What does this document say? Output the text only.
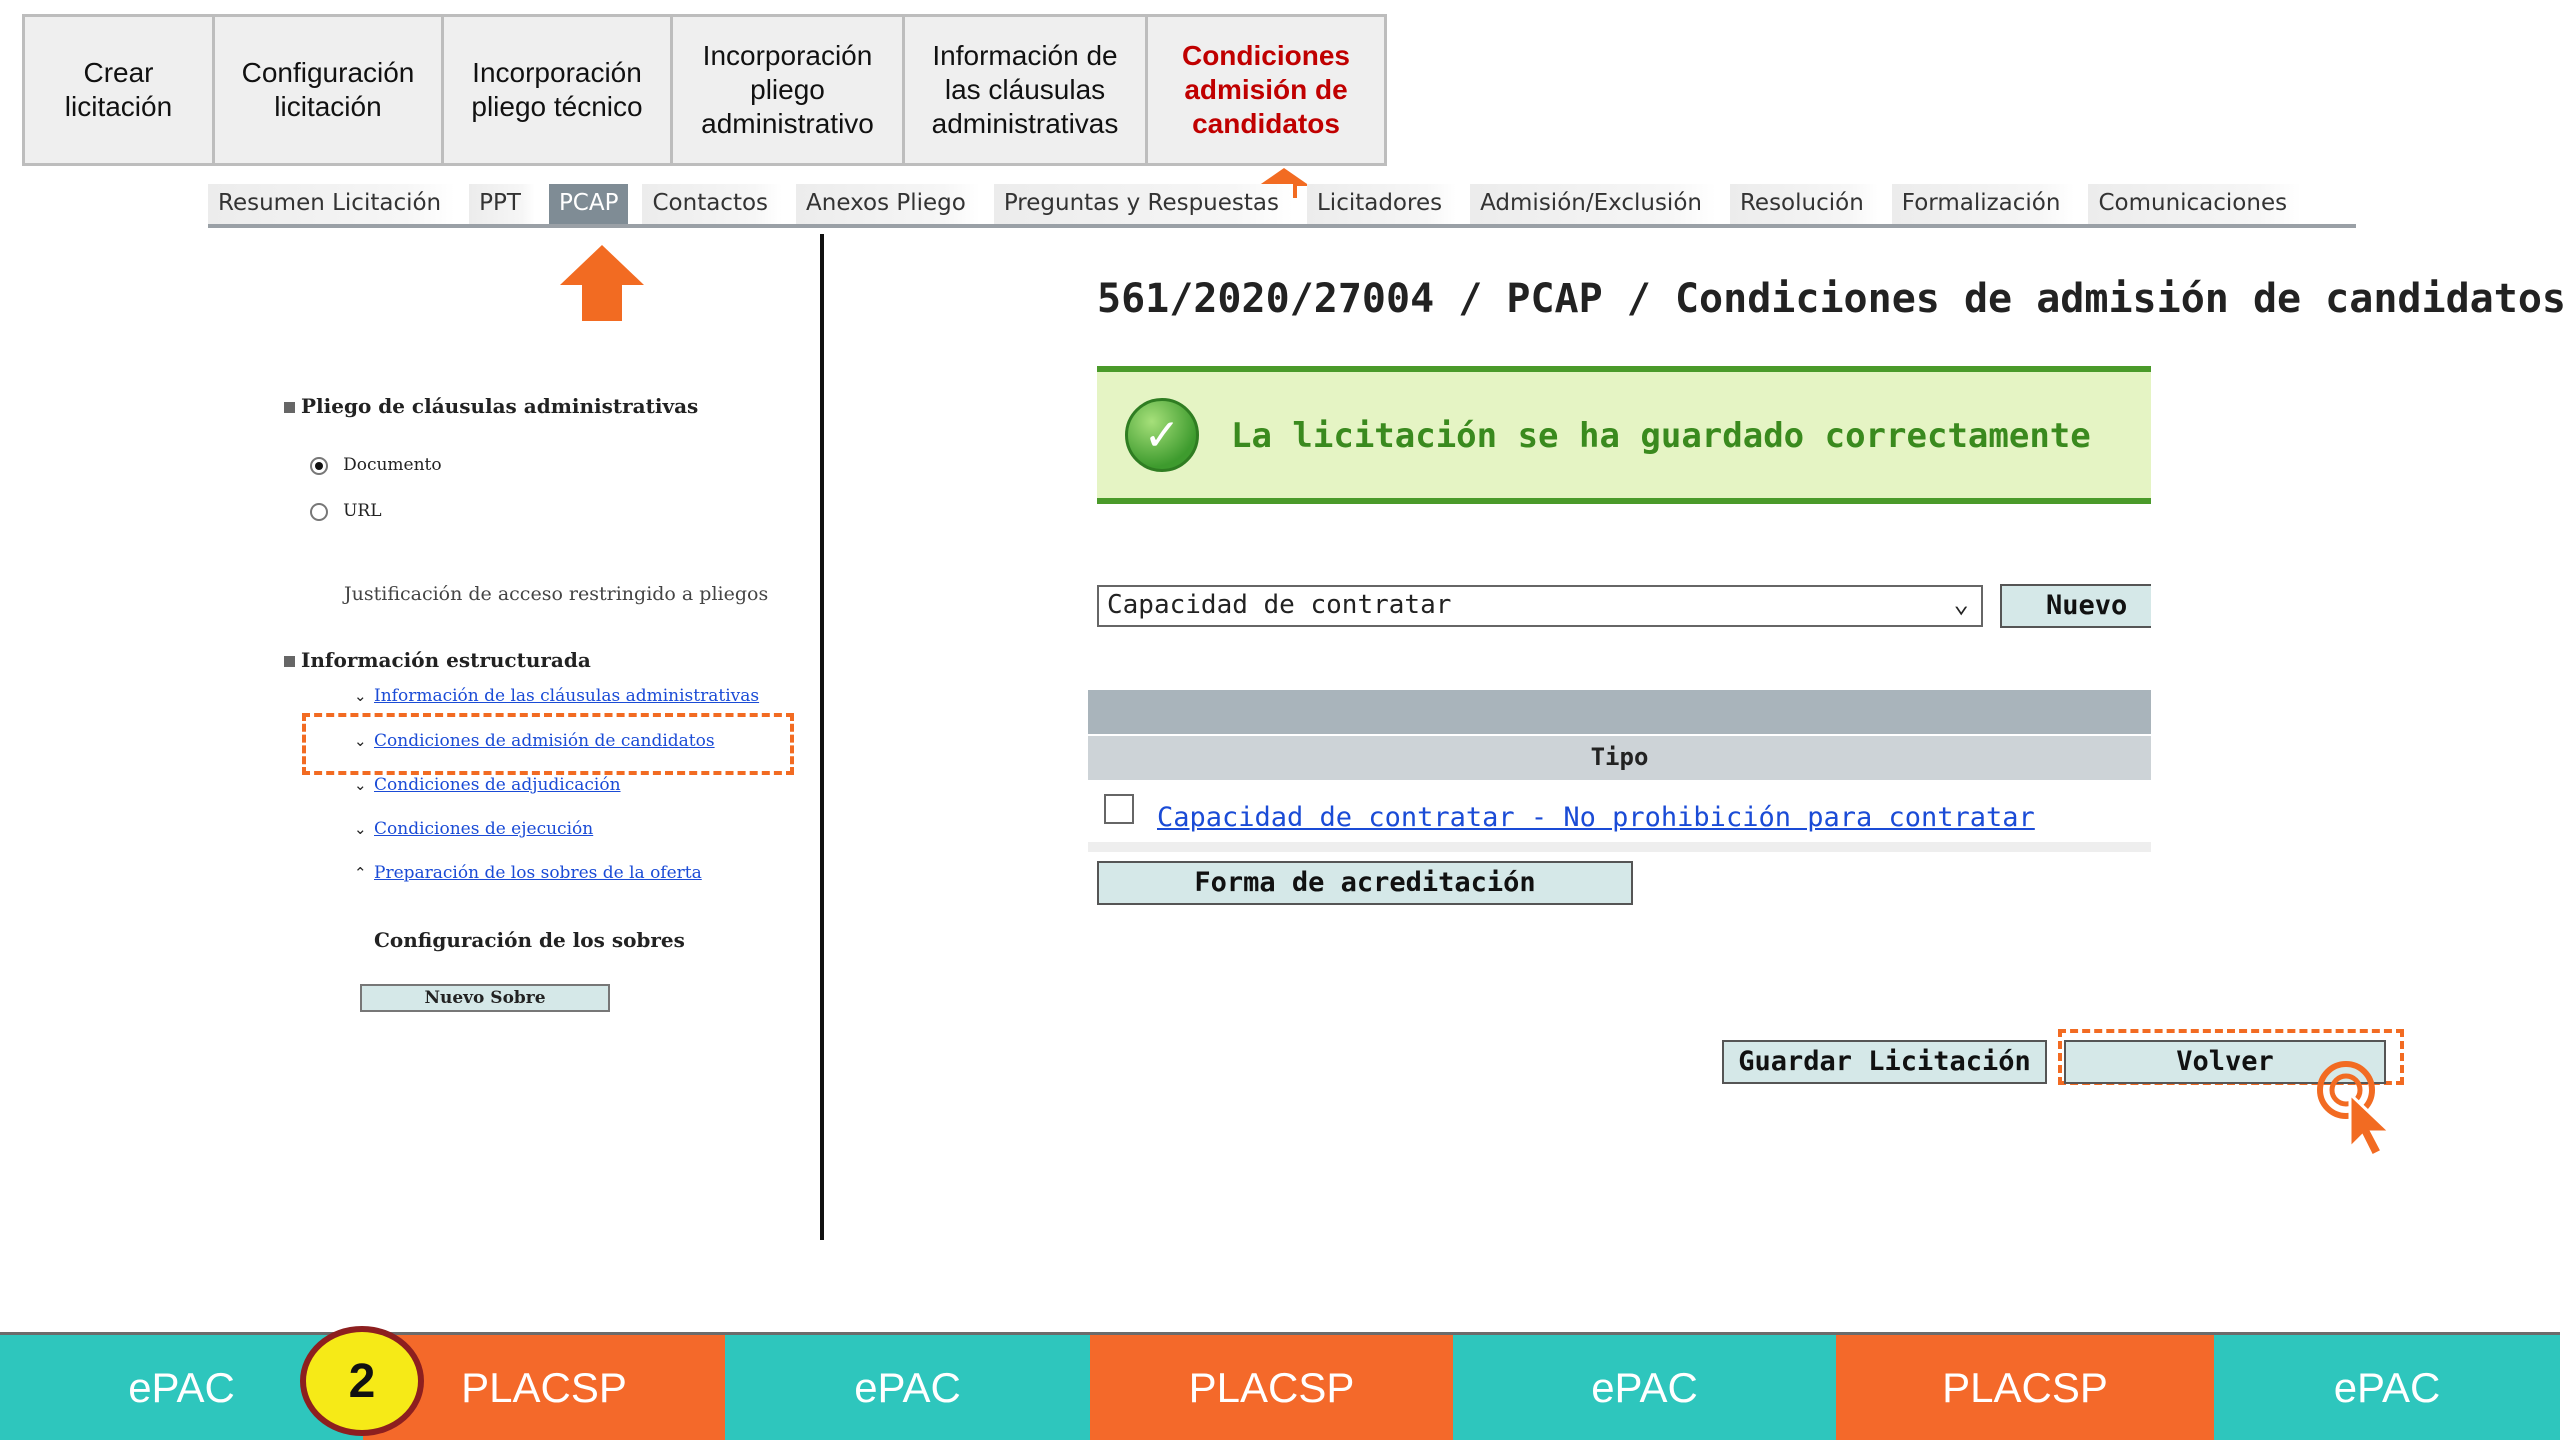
Crear licitación
Configuración licitación
Incorporación pliego técnico
Incorporación pliego administrativo
Información de las cláusulas administrativas
Condiciones admisión de candidatos
Resumen Licitación	PPT	PCAP	Contactos	Anexos Pliego	Preguntas y Respuestas	Licitadores	Admisión/Exclusión	Resolución	Formalización	Comunicaciones
Pliego de cláusulas administrativas
Documento
URL
Justificación de acceso restringido a pliegos
Información estructurada
⌄ Información de las cláusulas administrativas
⌄ Condiciones de admisión de candidatos
⌄ Condiciones de adjudicación
⌄ Condiciones de ejecución
⌃ Preparación de los sobres de la oferta
Configuración de los sobres
Nuevo Sobre
561/2020/27004 / PCAP / Condiciones de admisión de candidatos
✓	La licitación se ha guardado correctamente
Capacidad de contratar	⌄	Nuevo
Tipo
Capacidad de contratar - No prohibición para contratar
Forma de acreditación
Guardar Licitación	Volver
ePAC	PLACSP	ePAC	PLACSP	ePAC	PLACSP	ePAC
2
